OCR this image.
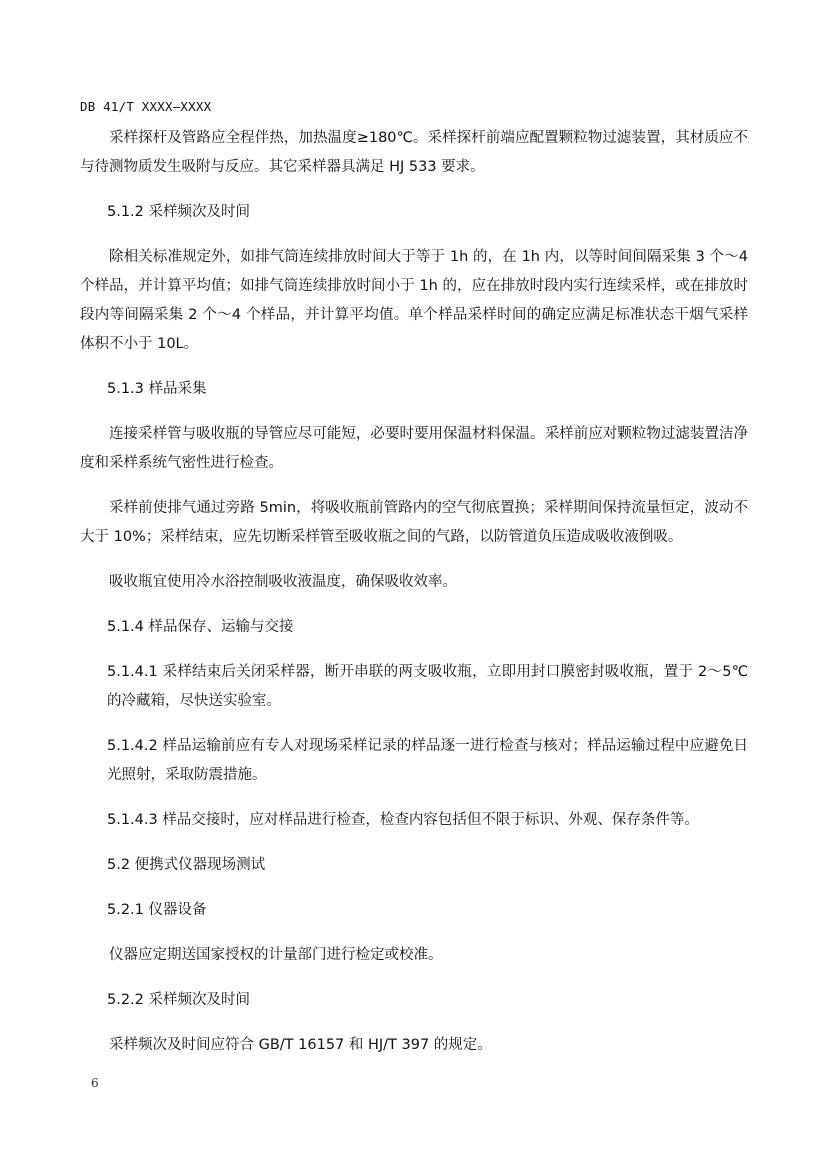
DB 41/T XXXX—XXXX

采样探杆及管路应全程伴热，加热温度≥180℃。采样探杆前端应配置颗粒物过滤装置，其材质应不与待测物质发生吸附与反应。其它采样器具满足 HJ 533 要求。

5.1.2 采样频次及时间

除相关标准规定外，如排气筒连续排放时间大于等于 1h 的，在 1h 内，以等时间间隔采集 3 个～4 个样品，并计算平均值；如排气筒连续排放时间小于 1h 的，应在排放时段内实行连续采样，或在排放时段内等间隔采集 2 个～4 个样品，并计算平均值。单个样品采样时间的确定应满足标准状态干烟气采样体积不小于 10L。

5.1.3 样品采集

连接采样管与吸收瓶的导管应尽可能短，必要时要用保温材料保温。采样前应对颗粒物过滤装置洁净度和采样系统气密性进行检查。

采样前使排气通过旁路 5min，将吸收瓶前管路内的空气彻底置换；采样期间保持流量恒定，波动不大于 10%；采样结束，应先切断采样管至吸收瓶之间的气路，以防管道负压造成吸收液倒吸。

吸收瓶宜使用冷水浴控制吸收液温度，确保吸收效率。

5.1.4 样品保存、运输与交接

5.1.4.1 采样结束后关闭采样器，断开串联的两支吸收瓶，立即用封口膜密封吸收瓶，置于 2～5℃的冷藏箱，尽快送实验室。

5.1.4.2 样品运输前应有专人对现场采样记录的样品逐一进行检查与核对；样品运输过程中应避免日光照射，采取防震措施。

5.1.4.3 样品交接时，应对样品进行检查，检查内容包括但不限于标识、外观、保存条件等。

5.2 便携式仪器现场测试

5.2.1 仪器设备

仪器应定期送国家授权的计量部门进行检定或校准。

5.2.2 采样频次及时间

采样频次及时间应符合 GB/T 16157 和 HJ/T 397 的规定。

6
